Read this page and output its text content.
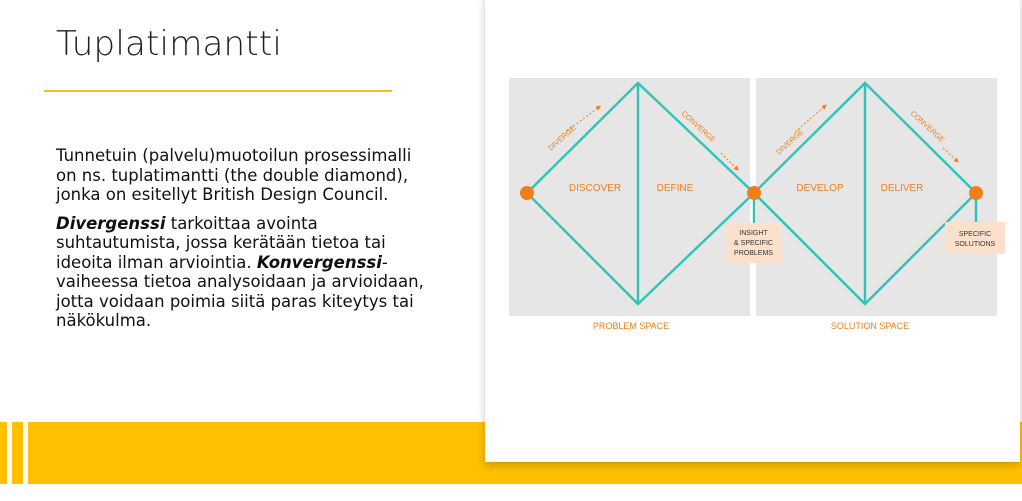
Tuplatimantti

Tunnetuin (palvelu)muotoilun prosessimalli on ns. tuplatimantti (the double diamond), jonka on esitellyt British Design Council.

Divergenssi tarkoittaa avointa suhtautumista, jossa kerätään tietoa tai ideoita ilman arviointia. Konvergenssi-vaiheessa tietoa analysoidaan ja arvioidaan, jotta voidaan poimia siitä paras kiteytys tai näkökulma.

DIVERGE	CONVERGE	DIVERGE	CONVERGE
DISCOVER	DEFINE	DEVELOP	DELIVER
INSIGHT
& SPECIFIC
PROBLEMS
SPECIFIC
SOLUTIONS
PROBLEM SPACE	SOLUTION SPACE
